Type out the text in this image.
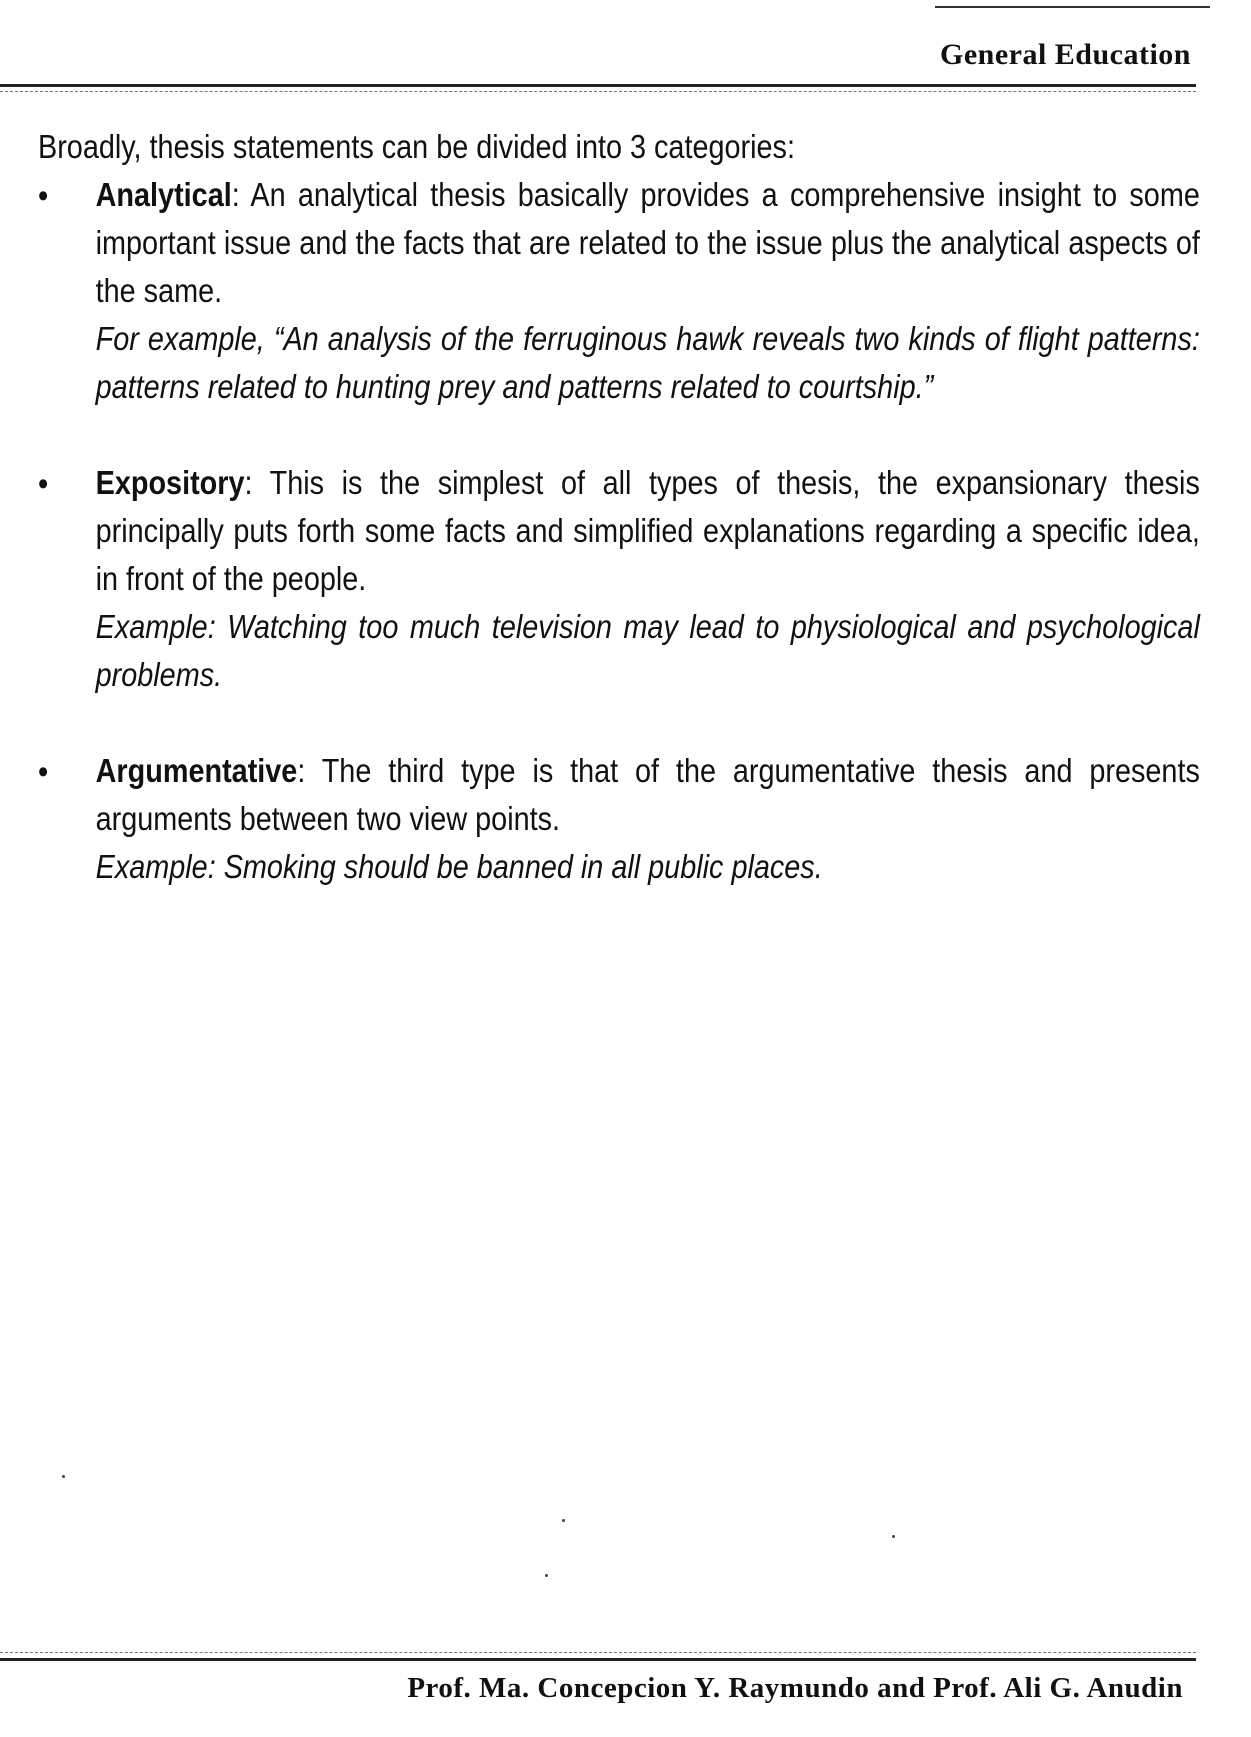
General Education

Broadly, thesis statements can be divided into 3 categories:

• Analytical: An analytical thesis basically provides a comprehensive insight to some important issue and the facts that are related to the issue plus the analytical aspects of the same.

For example, “An analysis of the ferruginous hawk reveals two kinds of flight patterns: patterns related to hunting prey and patterns related to courtship.”

• Expository: This is the simplest of all types of thesis, the expansionary thesis principally puts forth some facts and simplified explanations regarding a specific idea, in front of the people.

Example: Watching too much television may lead to physiological and psychological problems.

• Argumentative: The third type is that of the argumentative thesis and presents arguments between two view points.

Example: Smoking should be banned in all public places.

Prof. Ma. Concepcion Y. Raymundo and Prof. Ali G. Anudin
